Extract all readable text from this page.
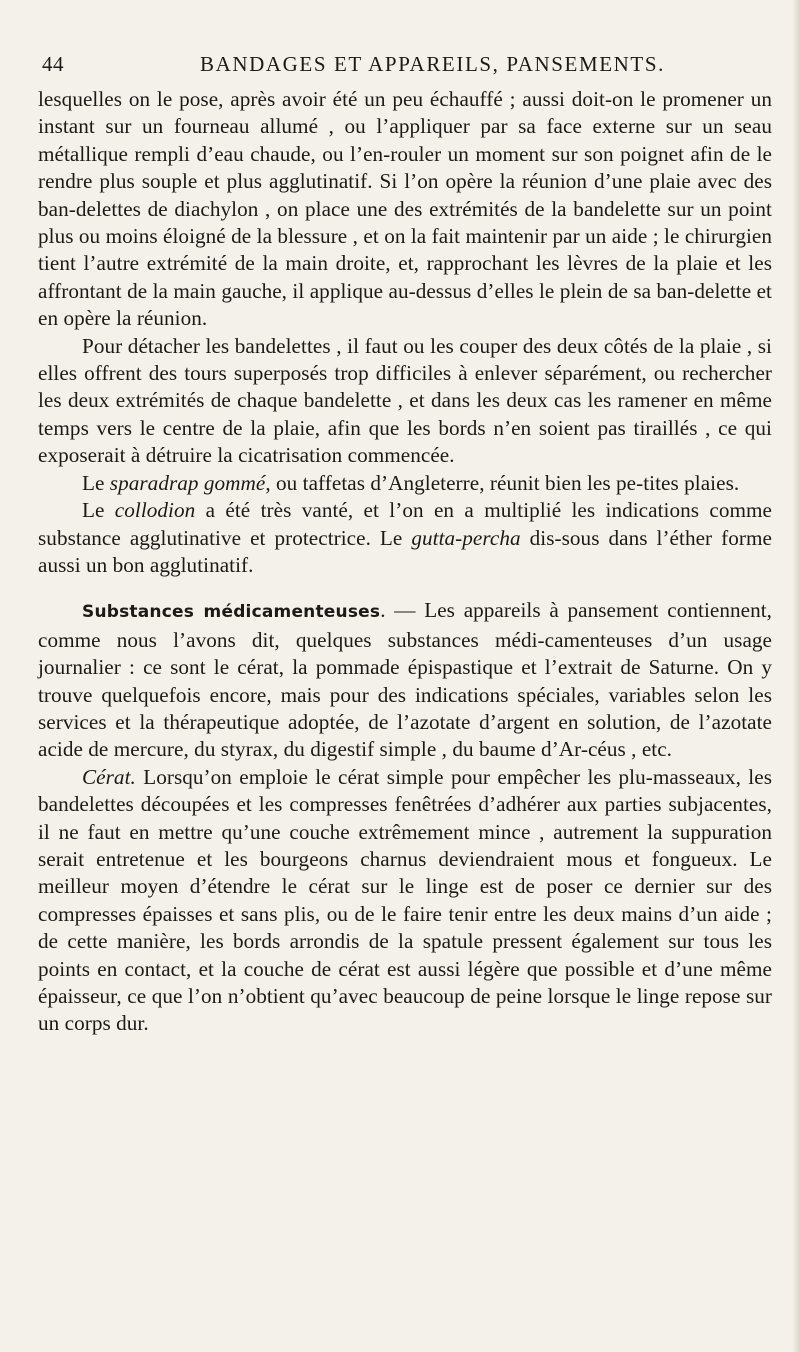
44	BANDAGES ET APPAREILS, PANSEMENTS.

lesquelles on le pose, après avoir été un peu échauffé ; aussi doit-on le promener un instant sur un fourneau allumé , ou l’appliquer par sa face externe sur un seau métallique rempli d’eau chaude, ou l’en-rouler un moment sur son poignet afin de le rendre plus souple et plus agglutinatif. Si l’on opère la réunion d’une plaie avec des ban-delettes de diachylon , on place une des extrémités de la bandelette sur un point plus ou moins éloigné de la blessure , et on la fait maintenir par un aide ; le chirurgien tient l’autre extrémité de la main droite, et, rapprochant les lèvres de la plaie et les affrontant de la main gauche, il applique au-dessus d’elles le plein de sa ban-delette et en opère la réunion.

Pour détacher les bandelettes , il faut ou les couper des deux côtés de la plaie , si elles offrent des tours superposés trop difficiles à enlever séparément, ou rechercher les deux extrémités de chaque bandelette , et dans les deux cas les ramener en même temps vers le centre de la plaie, afin que les bords n’en soient pas tiraillés , ce qui exposerait à détruire la cicatrisation commencée.

Le sparadrap gommé, ou taffetas d’Angleterre, réunit bien les pe-tites plaies.

Le collodion a été très vanté, et l’on en a multiplié les indications comme substance agglutinative et protectrice. Le gutta-percha dis-sous dans l’éther forme aussi un bon agglutinatif.

Substances médicamenteuses. — Les appareils à pansement contiennent, comme nous l’avons dit, quelques substances médi-camenteuses d’un usage journalier : ce sont le cérat, la pommade épispastique et l’extrait de Saturne. On y trouve quelquefois encore, mais pour des indications spéciales, variables selon les services et la thérapeutique adoptée, de l’azotate d’argent en solution, de l’azotate acide de mercure, du styrax, du digestif simple , du baume d’Ar-céus , etc.

Cérat. Lorsqu’on emploie le cérat simple pour empêcher les plu-masseaux, les bandelettes découpées et les compresses fenêtrées d’adhérer aux parties subjacentes, il ne faut en mettre qu’une couche extrêmement mince , autrement la suppuration serait entretenue et les bourgeons charnus deviendraient mous et fongueux. Le meilleur moyen d’étendre le cérat sur le linge est de poser ce dernier sur des compresses épaisses et sans plis, ou de le faire tenir entre les deux mains d’un aide ; de cette manière, les bords arrondis de la spatule pressent également sur tous les points en contact, et la couche de cérat est aussi légère que possible et d’une même épaisseur, ce que l’on n’obtient qu’avec beaucoup de peine lorsque le linge repose sur un corps dur.
